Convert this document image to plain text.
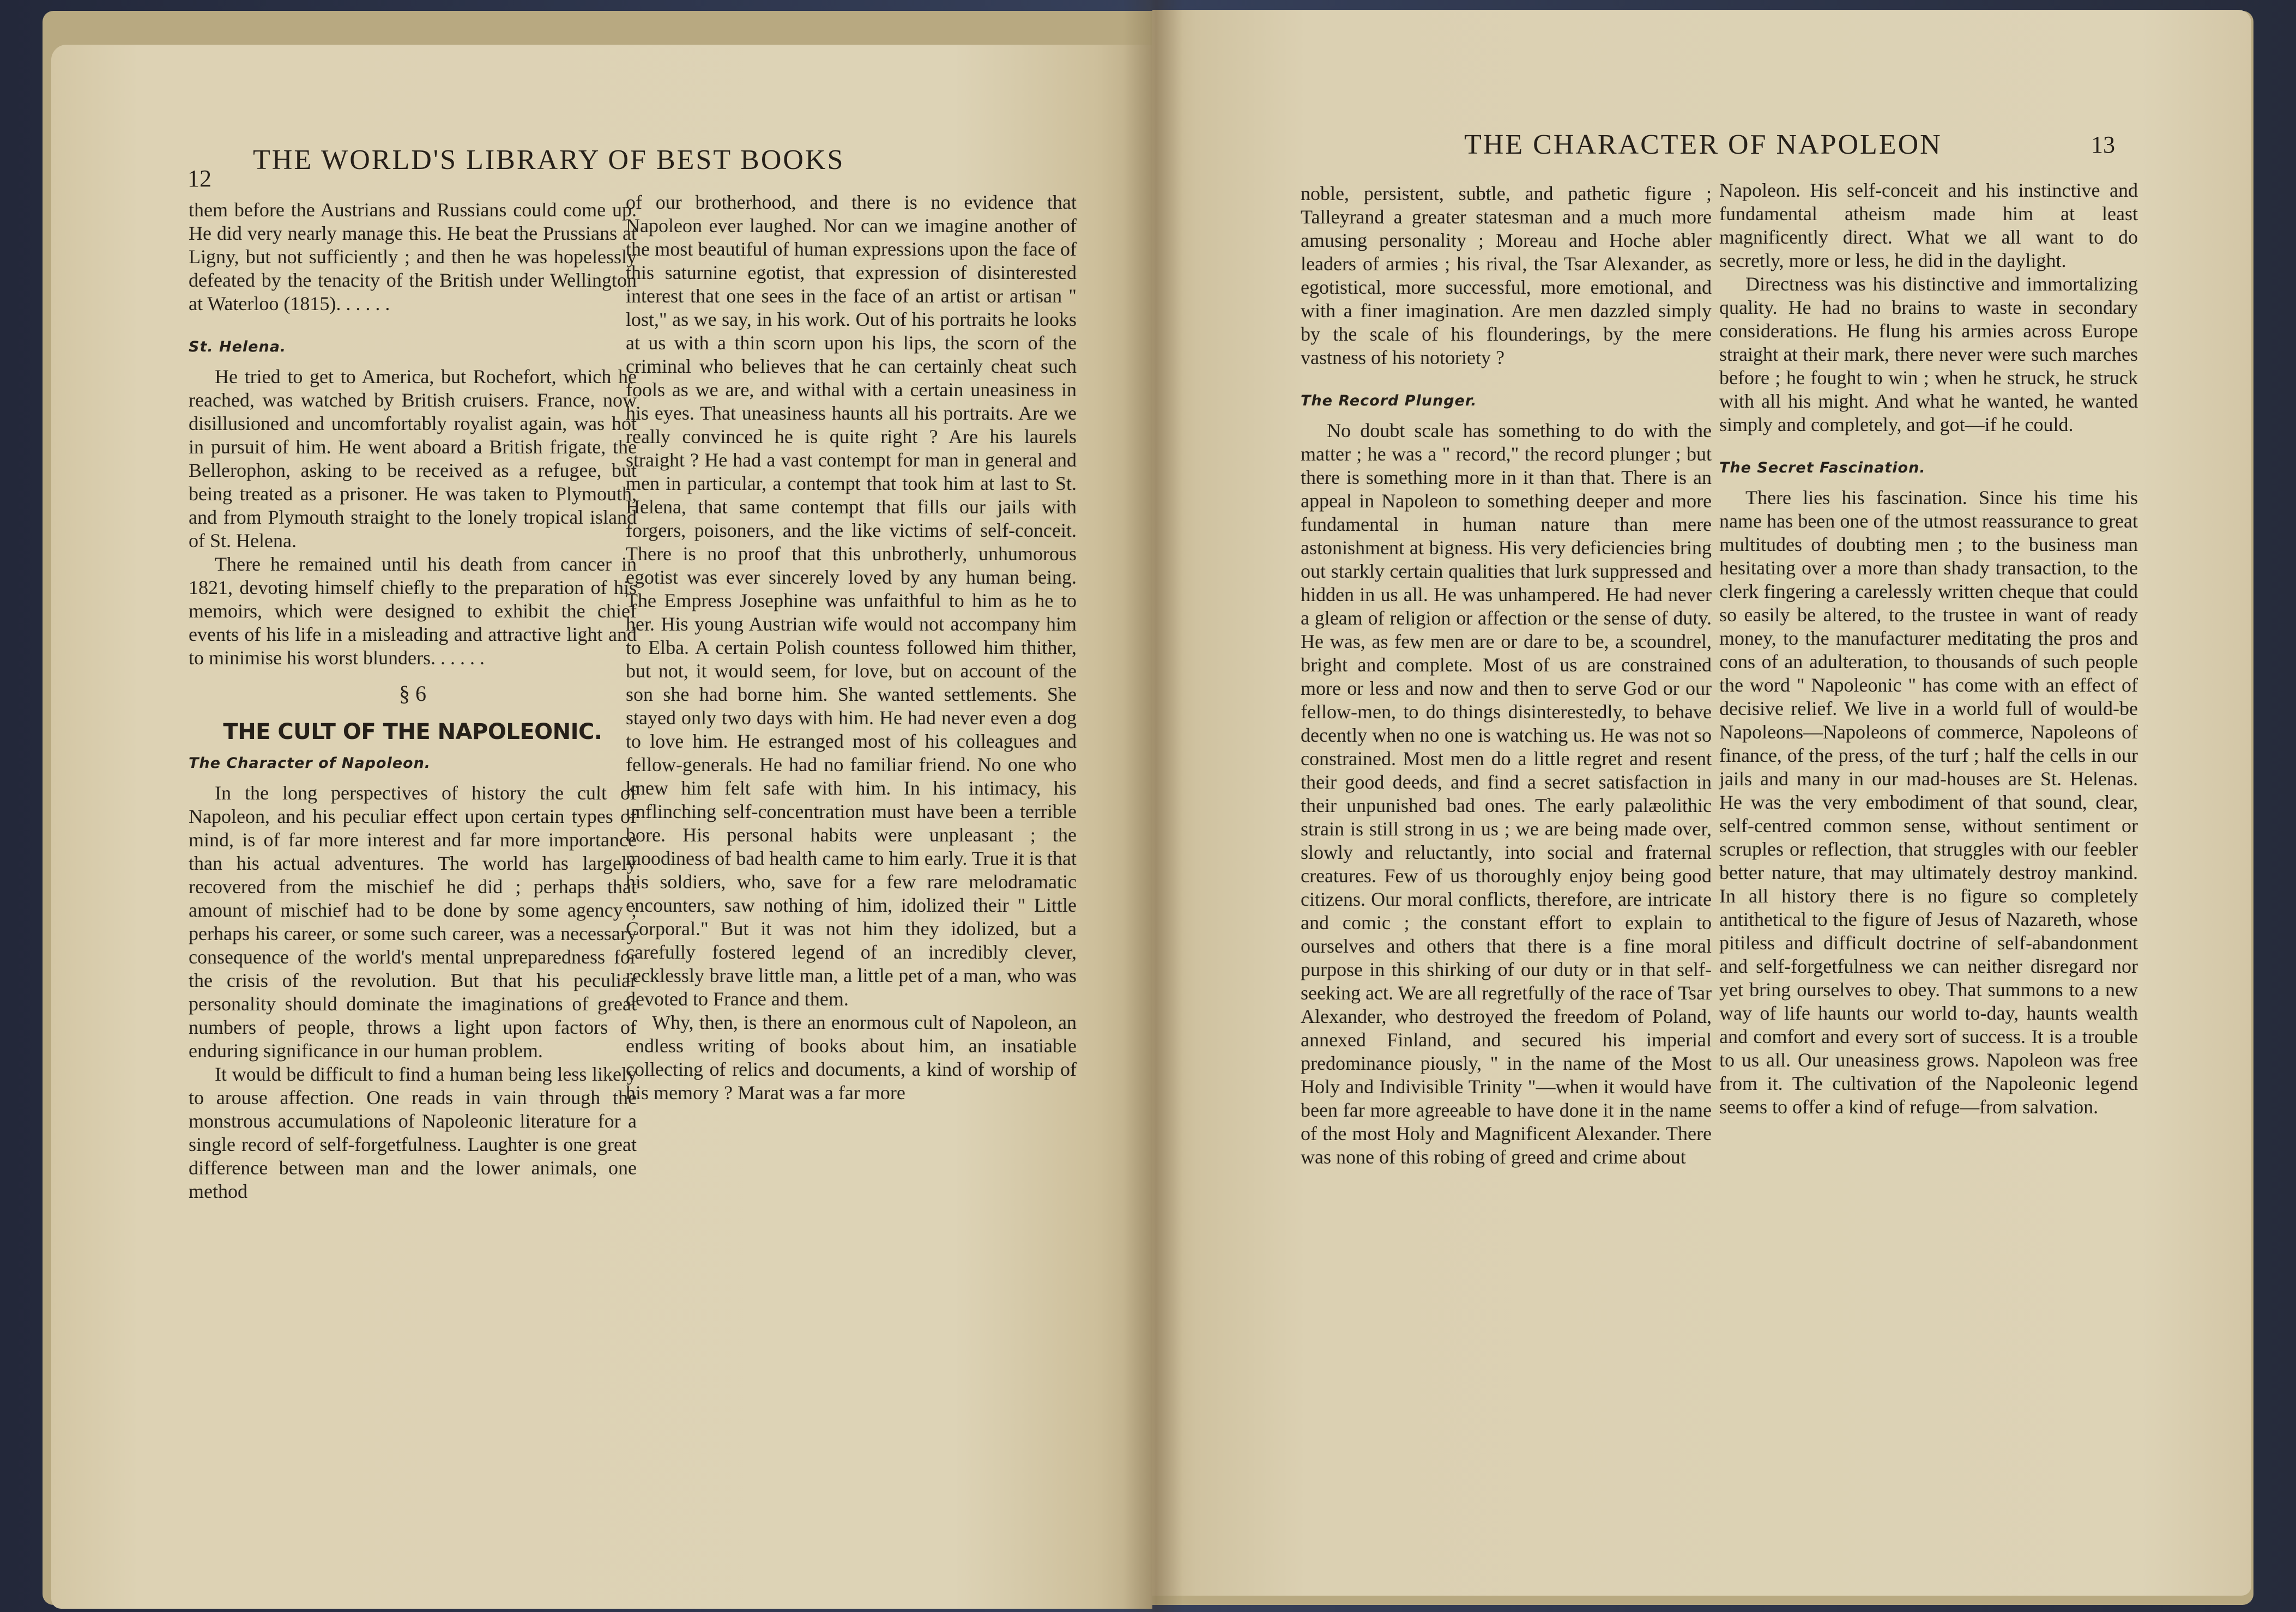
12
THE WORLD'S LIBRARY OF BEST BOOKS

them before the Austrians and Russians could come up. He did very nearly manage this. He beat the Prussians at Ligny, but not sufficiently ; and then he was hopelessly defeated by the tenacity of the British under Wellington at Waterloo (1815). . . . . .

St. Helena.

He tried to get to America, but Rochefort, which he reached, was watched by British cruisers. France, now disillusioned and uncomfortably royalist again, was hot in pursuit of him. He went aboard a British frigate, the Bellerophon, asking to be received as a refugee, but being treated as a prisoner. He was taken to Plymouth, and from Plymouth straight to the lonely tropical island of St. Helena.

There he remained until his death from cancer in 1821, devoting himself chiefly to the preparation of his memoirs, which were designed to exhibit the chief events of his life in a misleading and attractive light and to minimise his worst blunders. . . . . .

§ 6
THE CULT OF THE NAPOLEONIC.
The Character of Napoleon.

In the long perspectives of history the cult of Napoleon, and his peculiar effect upon certain types of mind, is of far more interest and far more importance than his actual adventures. The world has largely recovered from the mischief he did ; perhaps that amount of mischief had to be done by some agency ; perhaps his career, or some such career, was a necessary consequence of the world's mental unpreparedness for the crisis of the revolution. But that his peculiar personality should dominate the imaginations of great numbers of people, throws a light upon factors of enduring significance in our human problem.

It would be difficult to find a human being less likely to arouse affection. One reads in vain through the monstrous accumulations of Napoleonic literature for a single record of self-forgetfulness. Laughter is one great difference between man and the lower animals, one method

of our brotherhood, and there is no evidence that Napoleon ever laughed. Nor can we imagine another of the most beautiful of human expressions upon the face of this saturnine egotist, that expression of disinterested interest that one sees in the face of an artist or artisan " lost," as we say, in his work. Out of his portraits he looks at us with a thin scorn upon his lips, the scorn of the criminal who believes that he can certainly cheat such fools as we are, and withal with a certain uneasiness in his eyes. That uneasiness haunts all his portraits. Are we really convinced he is quite right ? Are his laurels straight ? He had a vast contempt for man in general and men in particular, a contempt that took him at last to St. Helena, that same contempt that fills our jails with forgers, poisoners, and the like victims of self-conceit. There is no proof that this unbrotherly, unhumorous egotist was ever sincerely loved by any human being. The Empress Josephine was unfaithful to him as he to her. His young Austrian wife would not accompany him to Elba. A certain Polish countess followed him thither, but not, it would seem, for love, but on account of the son she had borne him. She wanted settlements. She stayed only two days with him. He had never even a dog to love him. He estranged most of his colleagues and fellow-generals. He had no familiar friend. No one who knew him felt safe with him. In his intimacy, his unflinching self-concentration must have been a terrible bore. His personal habits were unpleasant ; the moodiness of bad health came to him early. True it is that his soldiers, who, save for a few rare melodramatic encounters, saw nothing of him, idolized their " Little Corporal." But it was not him they idolized, but a carefully fostered legend of an incredibly clever, recklessly brave little man, a little pet of a man, who was devoted to France and them.

Why, then, is there an enormous cult of Napoleon, an endless writing of books about him, an insatiable collecting of relics and documents, a kind of worship of his memory ? Marat was a far more

THE CHARACTER OF NAPOLEON	13

noble, persistent, subtle, and pathetic figure ; Talleyrand a greater statesman and a much more amusing personality ; Moreau and Hoche abler leaders of armies ; his rival, the Tsar Alexander, as egotistical, more successful, more emotional, and with a finer imagination. Are men dazzled simply by the scale of his flounderings, by the mere vastness of his notoriety ?

The Record Plunger.

No doubt scale has something to do with the matter ; he was a " record," the record plunger ; but there is something more in it than that. There is an appeal in Napoleon to something deeper and more fundamental in human nature than mere astonishment at bigness. His very deficiencies bring out starkly certain qualities that lurk suppressed and hidden in us all. He was unhampered. He had never a gleam of religion or affection or the sense of duty. He was, as few men are or dare to be, a scoundrel, bright and complete. Most of us are constrained more or less and now and then to serve God or our fellow-men, to do things disinterestedly, to behave decently when no one is watching us. He was not so constrained. Most men do a little regret and resent their good deeds, and find a secret satisfaction in their unpunished bad ones. The early palæolithic strain is still strong in us ; we are being made over, slowly and reluctantly, into social and fraternal creatures. Few of us thoroughly enjoy being good citizens. Our moral conflicts, therefore, are intricate and comic ; the constant effort to explain to ourselves and others that there is a fine moral purpose in this shirking of our duty or in that self-seeking act. We are all regretfully of the race of Tsar Alexander, who destroyed the freedom of Poland, annexed Finland, and secured his imperial predominance piously, " in the name of the Most Holy and Indivisible Trinity "—when it would have been far more agreeable to have done it in the name of the most Holy and Magnificent Alexander. There was none of this robing of greed and crime about

Napoleon. His self-conceit and his instinctive and fundamental atheism made him at least magnificently direct. What we all want to do secretly, more or less, he did in the daylight.

Directness was his distinctive and immortalizing quality. He had no brains to waste in secondary considerations. He flung his armies across Europe straight at their mark, there never were such marches before ; he fought to win ; when he struck, he struck with all his might. And what he wanted, he wanted simply and completely, and got—if he could.

The Secret Fascination.

There lies his fascination. Since his time his name has been one of the utmost reassurance to great multitudes of doubting men ; to the business man hesitating over a more than shady transaction, to the clerk fingering a carelessly written cheque that could so easily be altered, to the trustee in want of ready money, to the manufacturer meditating the pros and cons of an adulteration, to thousands of such people the word " Napoleonic " has come with an effect of decisive relief. We live in a world full of would-be Napoleons—Napoleons of commerce, Napoleons of finance, of the press, of the turf ; half the cells in our jails and many in our mad-houses are St. Helenas. He was the very embodiment of that sound, clear, self-centred common sense, without sentiment or scruples or reflection, that struggles with our feebler better nature, that may ultimately destroy mankind. In all history there is no figure so completely antithetical to the figure of Jesus of Nazareth, whose pitiless and difficult doctrine of self-abandonment and self-forgetfulness we can neither disregard nor yet bring ourselves to obey. That summons to a new way of life haunts our world to-day, haunts wealth and comfort and every sort of success. It is a trouble to us all. Our uneasiness grows. Napoleon was free from it. The cultivation of the Napoleonic legend seems to offer a kind of refuge—from salvation.
